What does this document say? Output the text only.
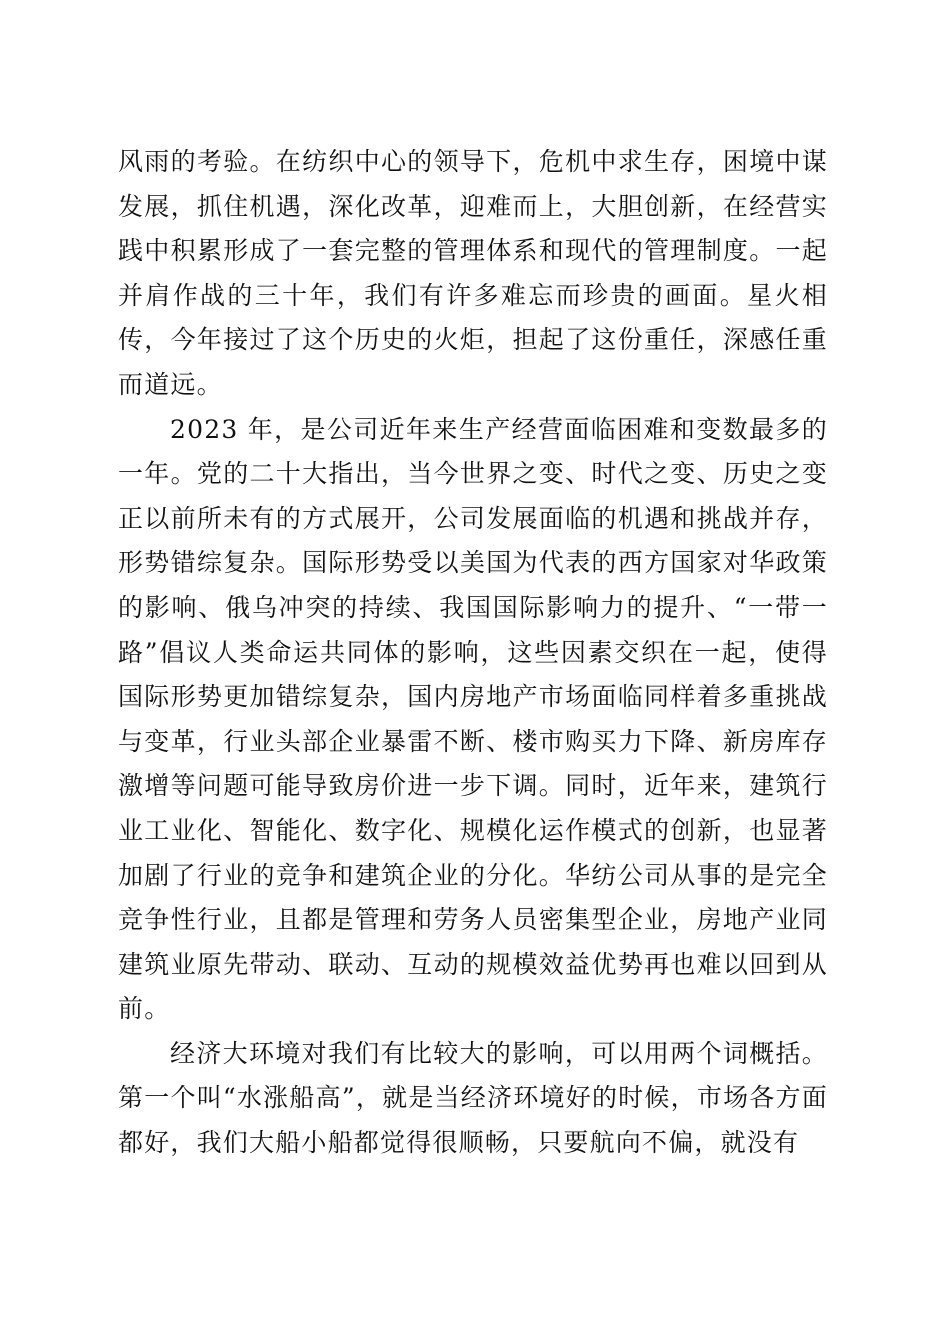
风雨的考验。在纺织中心的领导下，危机中求生存，困境中谋发展，抓住机遇，深化改革，迎难而上，大胆创新，在经营实践中积累形成了一套完整的管理体系和现代的管理制度。一起并肩作战的三十年，我们有许多难忘而珍贵的画面。星火相传，今年接过了这个历史的火炬，担起了这份重任，深感任重而道远。

2023 年，是公司近年来生产经营面临困难和变数最多的一年。党的二十大指出，当今世界之变、时代之变、历史之变正以前所未有的方式展开，公司发展面临的机遇和挑战并存，形势错综复杂。国际形势受以美国为代表的西方国家对华政策的影响、俄乌冲突的持续、我国国际影响力的提升、“一带一路”倡议人类命运共同体的影响，这些因素交织在一起，使得国际形势更加错综复杂，国内房地产市场面临同样着多重挑战与变革，行业头部企业暴雷不断、楼市购买力下降、新房库存激增等问题可能导致房价进一步下调。同时，近年来，建筑行业工业化、智能化、数字化、规模化运作模式的创新，也显著加剧了行业的竞争和建筑企业的分化。华纺公司从事的是完全竞争性行业，且都是管理和劳务人员密集型企业，房地产业同建筑业原先带动、联动、互动的规模效益优势再也难以回到从前。

经济大环境对我们有比较大的影响，可以用两个词概括。第一个叫“水涨船高”，就是当经济环境好的时候，市场各方面都好，我们大船小船都觉得很顺畅，只要航向不偏，就没有
